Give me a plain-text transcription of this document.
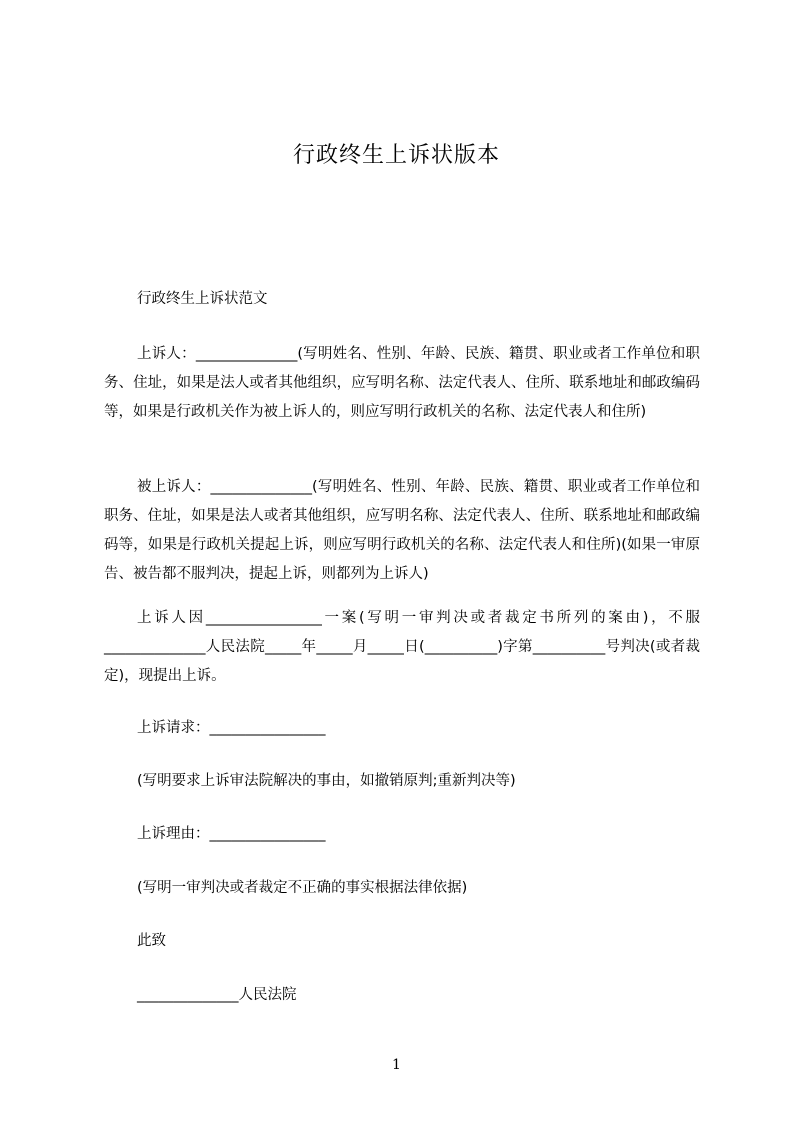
行政终生上诉状版本

行政终生上诉状范文

上诉人：______________(写明姓名、性别、年龄、民族、籍贯、职业或者工作单位和职务、住址，如果是法人或者其他组织，应写明名称、法定代表人、住所、联系地址和邮政编码等，如果是行政机关作为被上诉人的，则应写明行政机关的名称、法定代表人和住所)

被上诉人：______________(写明姓名、性别、年龄、民族、籍贯、职业或者工作单位和职务、住址，如果是法人或者其他组织，应写明名称、法定代表人、住所、联系地址和邮政编码等，如果是行政机关提起上诉，则应写明行政机关的名称、法定代表人和住所)(如果一审原告、被告都不服判决，提起上诉，则都列为上诉人)

上诉人因________________一案(写明一审判决或者裁定书所列的案由)，不服______________人民法院_____年_____月_____日(__________)字第__________号判决(或者裁定)，现提出上诉。

上诉请求：________________

(写明要求上诉审法院解决的事由，如撤销原判;重新判决等)

上诉理由：________________

(写明一审判决或者裁定不正确的事实根据法律依据)

此致

______________人民法院

1
